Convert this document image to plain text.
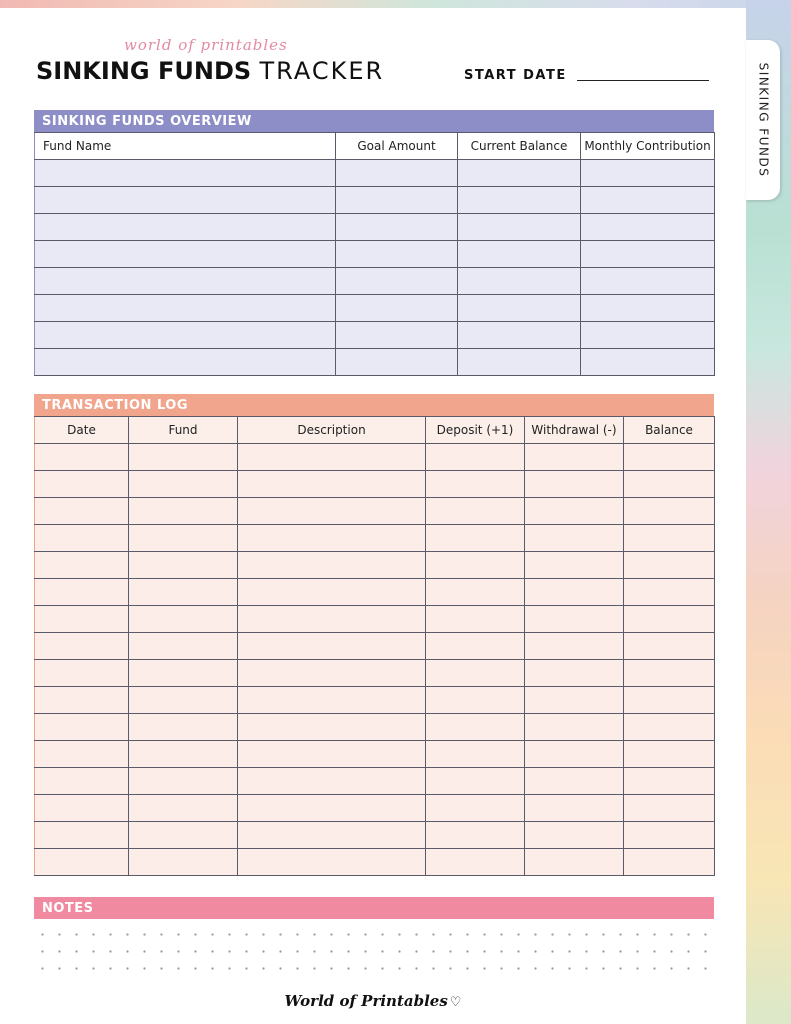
SINKING FUNDS
world of printables
SINKING FUNDS TRACKER	START DATE
SINKING FUNDS OVERVIEW
Fund Name	Goal Amount	Current Balance	Monthly Contribution

TRANSACTION LOG
Date	Fund	Description	Deposit (+1)	Withdrawal (-)	Balance

NOTES
World of Printables ♡
